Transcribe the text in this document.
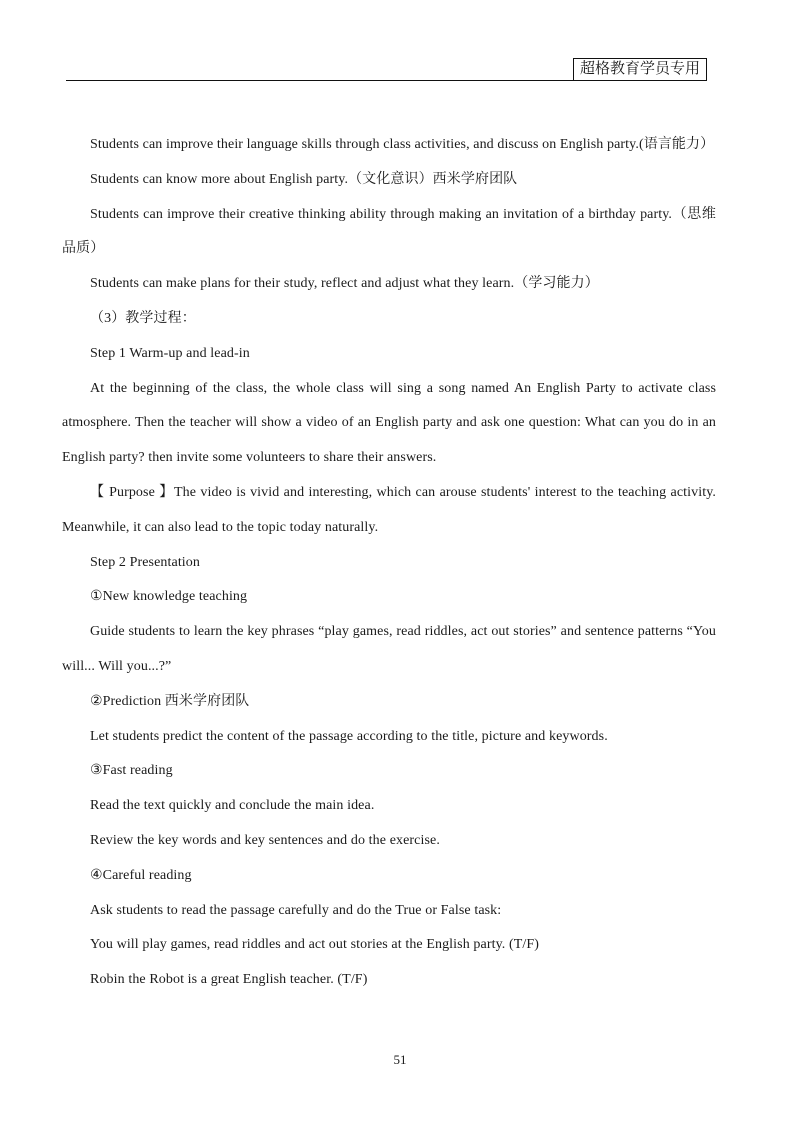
超格教育学员专用

Students can improve their language skills through class activities, and discuss on English party.(语言能力）

Students can know more about English party.（文化意识）西米学府团队

Students can improve their creative thinking ability through making an invitation of a birthday party.（思维品质）

Students can make plans for their study, reflect and adjust what they learn.（学习能力）

（3）教学过程：

Step 1 Warm-up and lead-in

At the beginning of the class, the whole class will sing a song named An English Party to activate class atmosphere. Then the teacher will show a video of an English party and ask one question: What can you do in an English party? then invite some volunteers to share their answers.

【 Purpose 】The video is vivid and interesting, which can arouse students' interest to the teaching activity. Meanwhile, it can also lead to the topic today naturally.

Step 2 Presentation

①New knowledge teaching

Guide students to learn the key phrases “play games, read riddles, act out stories” and sentence patterns “You will... Will you...?”

②Prediction 西米学府团队

Let students predict the content of the passage according to the title, picture and keywords.

③Fast reading

Read the text quickly and conclude the main idea.

Review the key words and key sentences and do the exercise.

④Careful reading

Ask students to read the passage carefully and do the True or False task:

You will play games, read riddles and act out stories at the English party. (T/F)

Robin the Robot is a great English teacher. (T/F)

51
